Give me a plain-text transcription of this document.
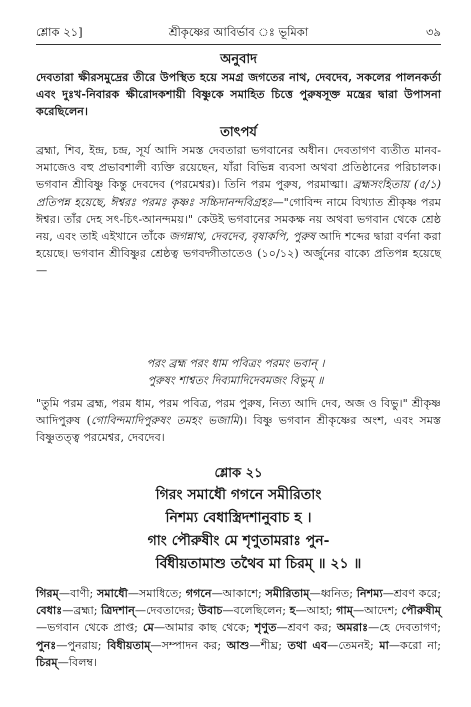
শ্লোক ২১]	শ্রীকৃষ্ণের আবির্ভাব ঃ ভূমিকা	৩৯
অনুবাদ
দেবতারা ক্ষীরসমুদ্রের তীরে উপস্থিত হয়ে সমগ্র জগতের নাথ, দেবদেব, সকলের পালনকর্তা এবং দুঃখ-নিবারক ক্ষীরোদকশায়ী বিষ্ণুকে সমাহিত চিত্তে পুরুষসূক্ত মন্ত্রের দ্বারা উপাসনা করেছিলেন।
তাৎপর্য
ব্রহ্মা, শিব, ইন্দ্র, চন্দ্র, সূর্য আদি সমস্ত দেবতারা ভগবানের অধীন। দেবতাগণ ব্যতীত মানব-সমাজেও বহু প্রভাবশালী ব্যক্তি রয়েছেন, যাঁরা বিভিন্ন ব্যবসা অথবা প্রতিষ্ঠানের পরিচালক। ভগবান শ্রীবিষ্ণু কিন্তু দেবদেব (পরমেশ্বর)। তিনি পরম পুরুষ, পরমাত্মা। ব্রহ্মসংহিতায় (৫/১) প্রতিপন্ন হয়েছে, ঈশ্বরঃ পরমঃ কৃষ্ণঃ সচ্চিদানন্দবিগ্রহঃ—"গোবিন্দ নামে বিখ্যাত শ্রীকৃষ্ণ পরম ঈশ্বর। তাঁর দেহ সৎ-চিৎ-আনন্দময়।" কেউই ভগবানের সমকক্ষ নয় অথবা ভগবান থেকে শ্রেষ্ঠ নয়, এবং তাই এইখানে তাঁকে জগন্নাথ, দেবদেব, বৃষাকপি, পুরুষ আদি শব্দের দ্বারা বর্ণনা করা হয়েছে। ভগবান শ্রীবিষ্ণুর শ্রেষ্ঠত্ব ভগবদ্গীতাতেও (১০/১২) অর্জুনের বাক্যে প্রতিপন্ন হয়েছে—
পরং ব্রহ্ম পরং ধাম পবিত্রং পরমং ভবান্ ।
পুরুষং শাশ্বতং দিব্যমাদিদেবমজং বিভুম্ ॥
"তুমি পরম ব্রহ্ম, পরম ধাম, পরম পবিত্র, পরম পুরুষ, নিত্য আদি দেব, অজ ও বিভু।" শ্রীকৃষ্ণ আদিপুরুষ (গোবিন্দমাদিপুরুষং তমহং ভজামি)। বিষ্ণু ভগবান শ্রীকৃষ্ণের অংশ, এবং সমস্ত বিষ্ণুতত্ত্ব পরমেশ্বর, দেবদেব।
শ্লোক ২১
গিরং সমাধৌ গগনে সমীরিতাং
নিশম্য বেধাস্ত্রিদশানুবাচ হ ।
গাং পৌরুষীং মে শৃণুতামরাঃ পুন-
র্বিধীয়তামাশু তথৈব মা চিরম্ ॥ ২১ ॥
গিরম্—বাণী; সমাধৌ—সমাধিতে; গগনে—আকাশে; সমীরিতাম্—ধ্বনিত; নিশম্য—শ্রবণ করে; বেধাঃ—ব্রহ্মা; ত্রিদশান্—দেবতাদের; উবাচ—বলেছিলেন; হ—আহা; গাম্—আদেশ; পৌরুষীম্—ভগবান থেকে প্রাপ্ত; মে—আমার কাছ থেকে; শৃণুত—শ্রবণ কর; অমরাঃ—হে দেবতাগণ; পুনঃ—পুনরায়; বিধীয়তাম্—সম্পাদন কর; আশু—শীঘ্র; তথা এব—তেমনই; মা—করো না; চিরম্—বিলম্ব।
